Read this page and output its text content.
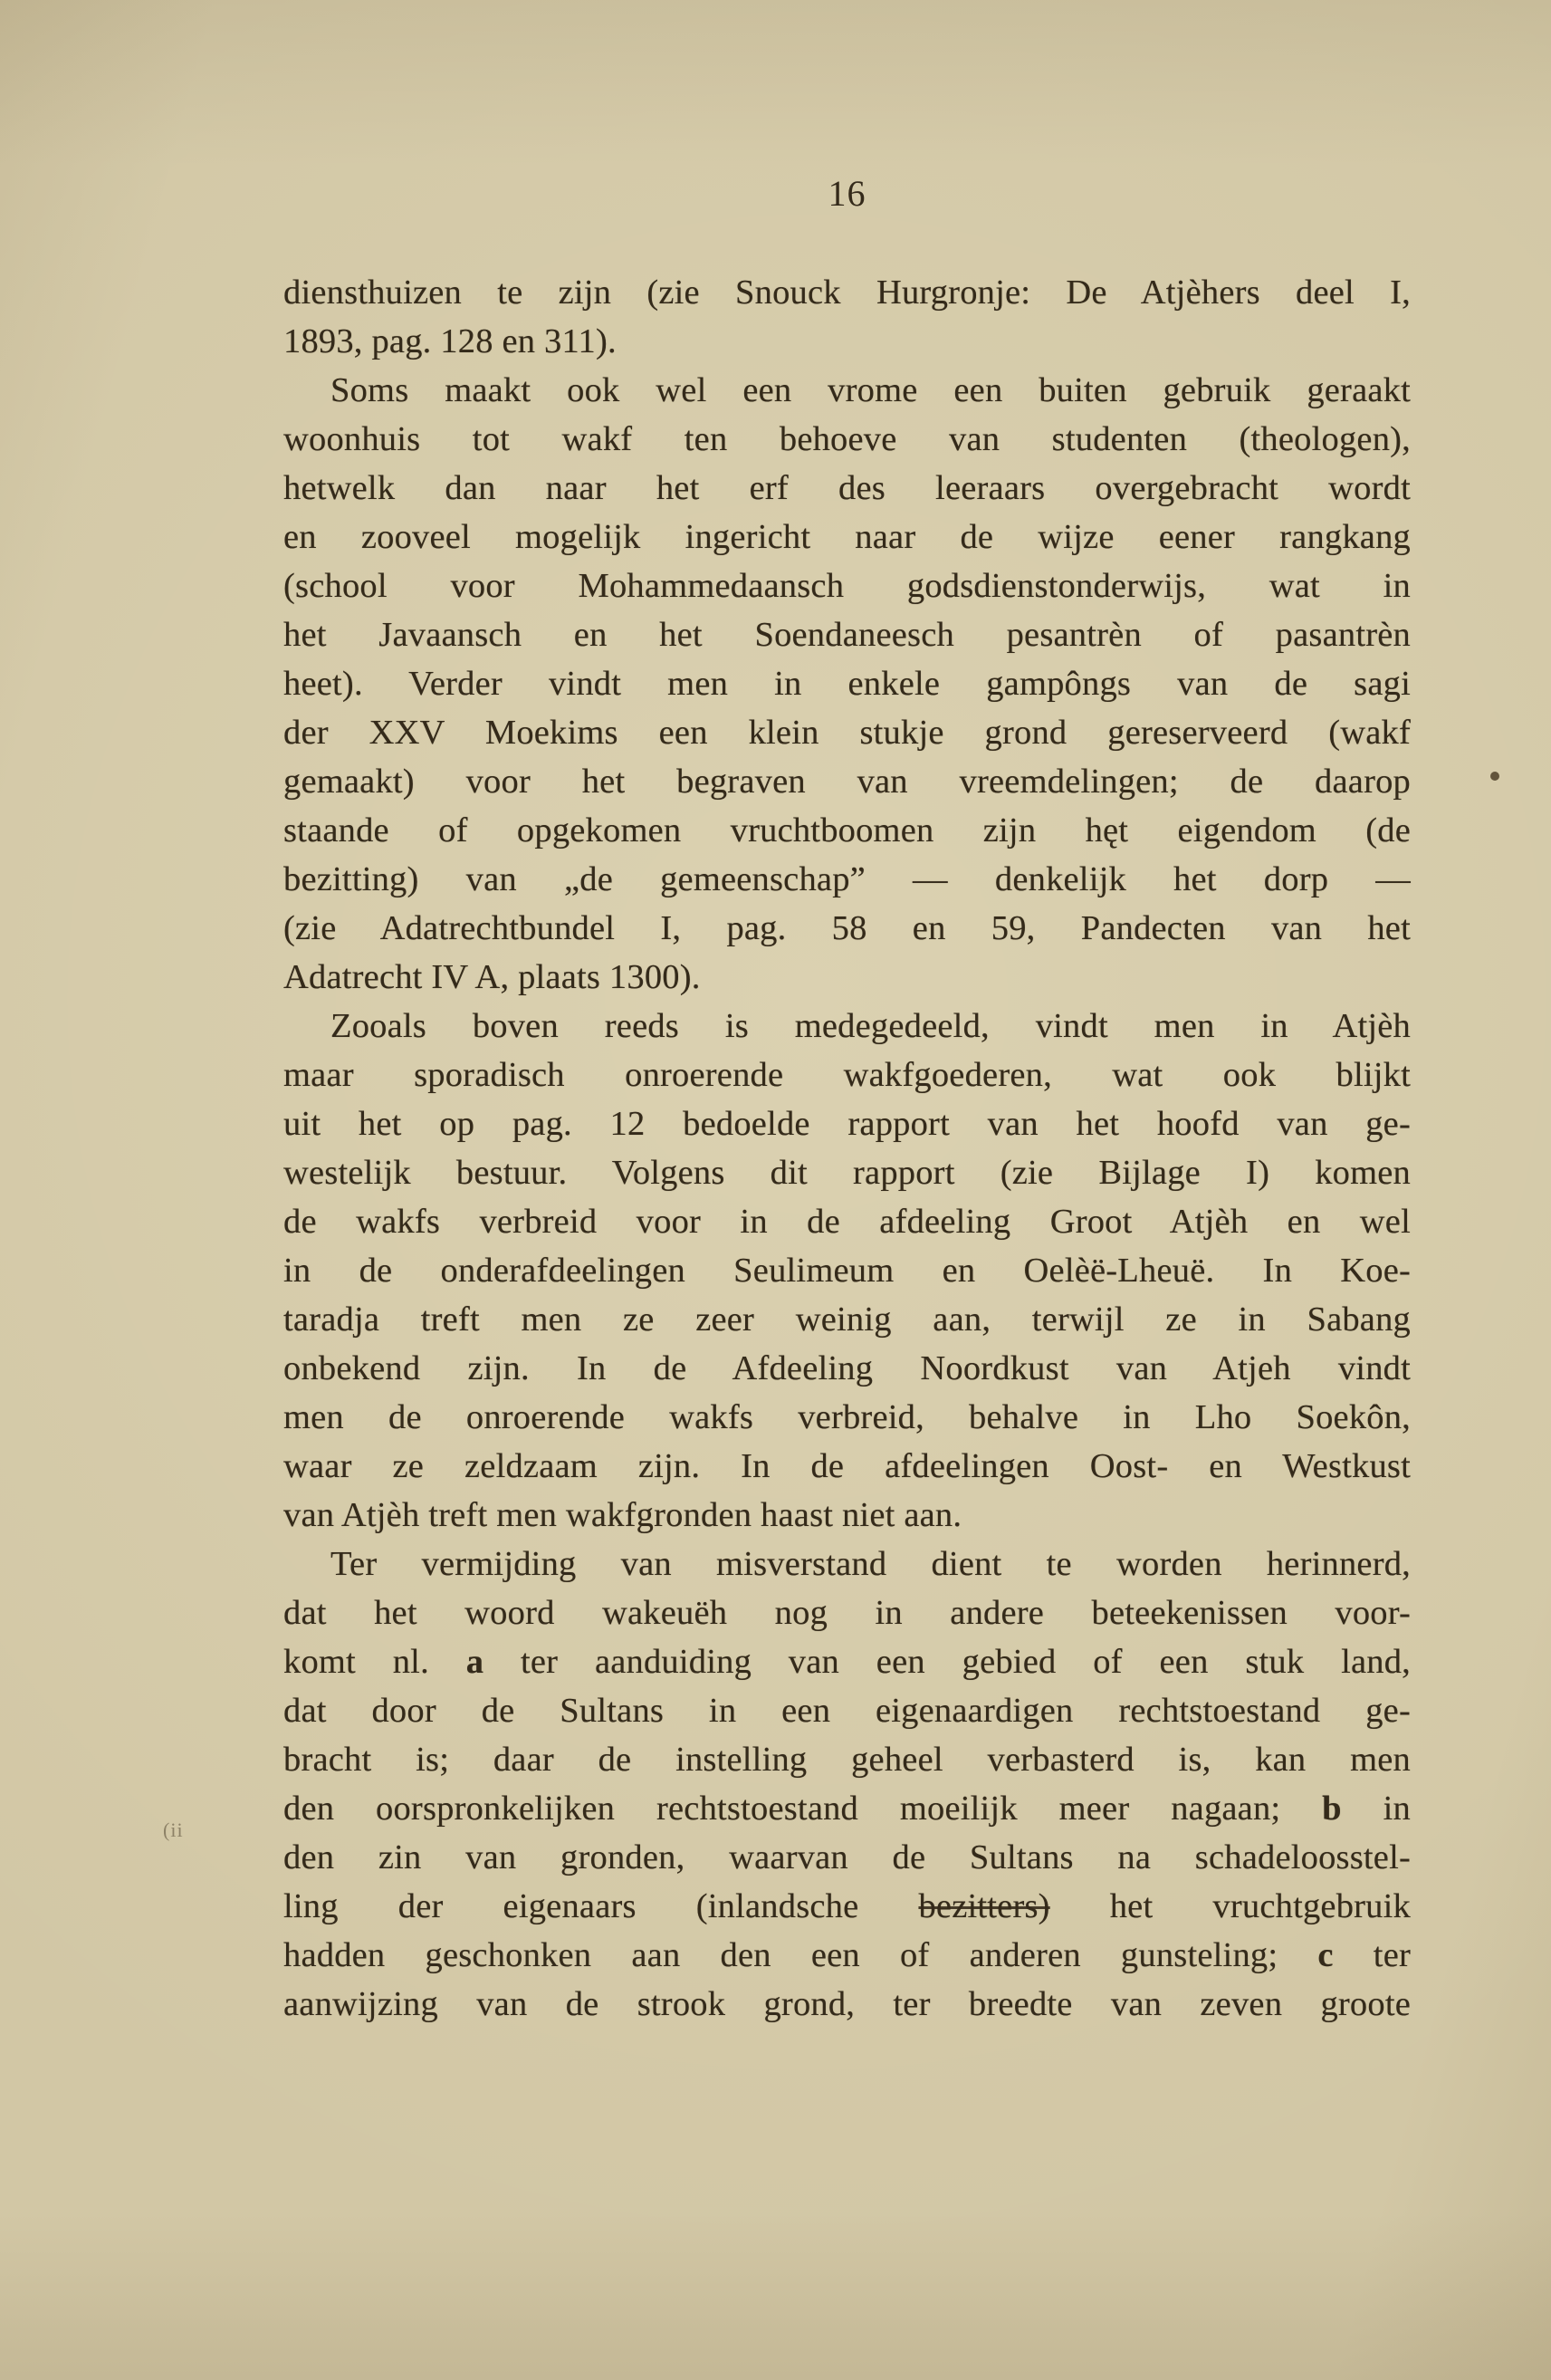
16
diensthuizen te zijn (zie Snouck Hurgronje: De Atjèhers deel I,
1893, pag. 128 en 311).
Soms maakt ook wel een vrome een buiten gebruik geraakt
woonhuis tot wakf ten behoeve van studenten (theologen),
hetwelk dan naar het erf des leeraars overgebracht wordt
en zooveel mogelijk ingericht naar de wijze eener rangkang
(school voor Mohammedaansch godsdienstonderwijs, wat in
het Javaansch en het Soendaneesch pesantrèn of pasantrèn
heet). Verder vindt men in enkele gampôngs van de sagi
der XXV Moekims een klein stukje grond gereserveerd (wakf
gemaakt) voor het begraven van vreemdelingen; de daarop
staande of opgekomen vruchtboomen zijn hęt eigendom (de
bezitting) van „de gemeenschap” — denkelijk het dorp —
(zie Adatrechtbundel I, pag. 58 en 59, Pandecten van het
Adatrecht IV A, plaats 1300).
Zooals boven reeds is medegedeeld, vindt men in Atjèh
maar sporadisch onroerende wakfgoederen, wat ook blijkt
uit het op pag. 12 bedoelde rapport van het hoofd van ge-
westelijk bestuur. Volgens dit rapport (zie Bijlage I) komen
de wakfs verbreid voor in de afdeeling Groot Atjèh en wel
in de onderafdeelingen Seulimeum en Oelèë-Lheuë. In Koe-
taradja treft men ze zeer weinig aan, terwijl ze in Sabang
onbekend zijn. In de Afdeeling Noordkust van Atjeh vindt
men de onroerende wakfs verbreid, behalve in Lho Soekôn,
waar ze zeldzaam zijn. In de afdeelingen Oost- en Westkust
van Atjèh treft men wakfgronden haast niet aan.
Ter vermijding van misverstand dient te worden herinnerd,
dat het woord wakeuëh nog in andere beteekenissen voor-
komt nl. a ter aanduiding van een gebied of een stuk land,
dat door de Sultans in een eigenaardigen rechtstoestand ge-
bracht is; daar de instelling geheel verbasterd is, kan men
den oorspronkelijken rechtstoestand moeilijk meer nagaan; b in
den zin van gronden, waarvan de Sultans na schadeloosstel-
ling der eigenaars (inlandsche bezitters) het vruchtgebruik
hadden geschonken aan den een of anderen gunsteling; c ter
aanwijzing van de strook grond, ter breedte van zeven groote
(ii
